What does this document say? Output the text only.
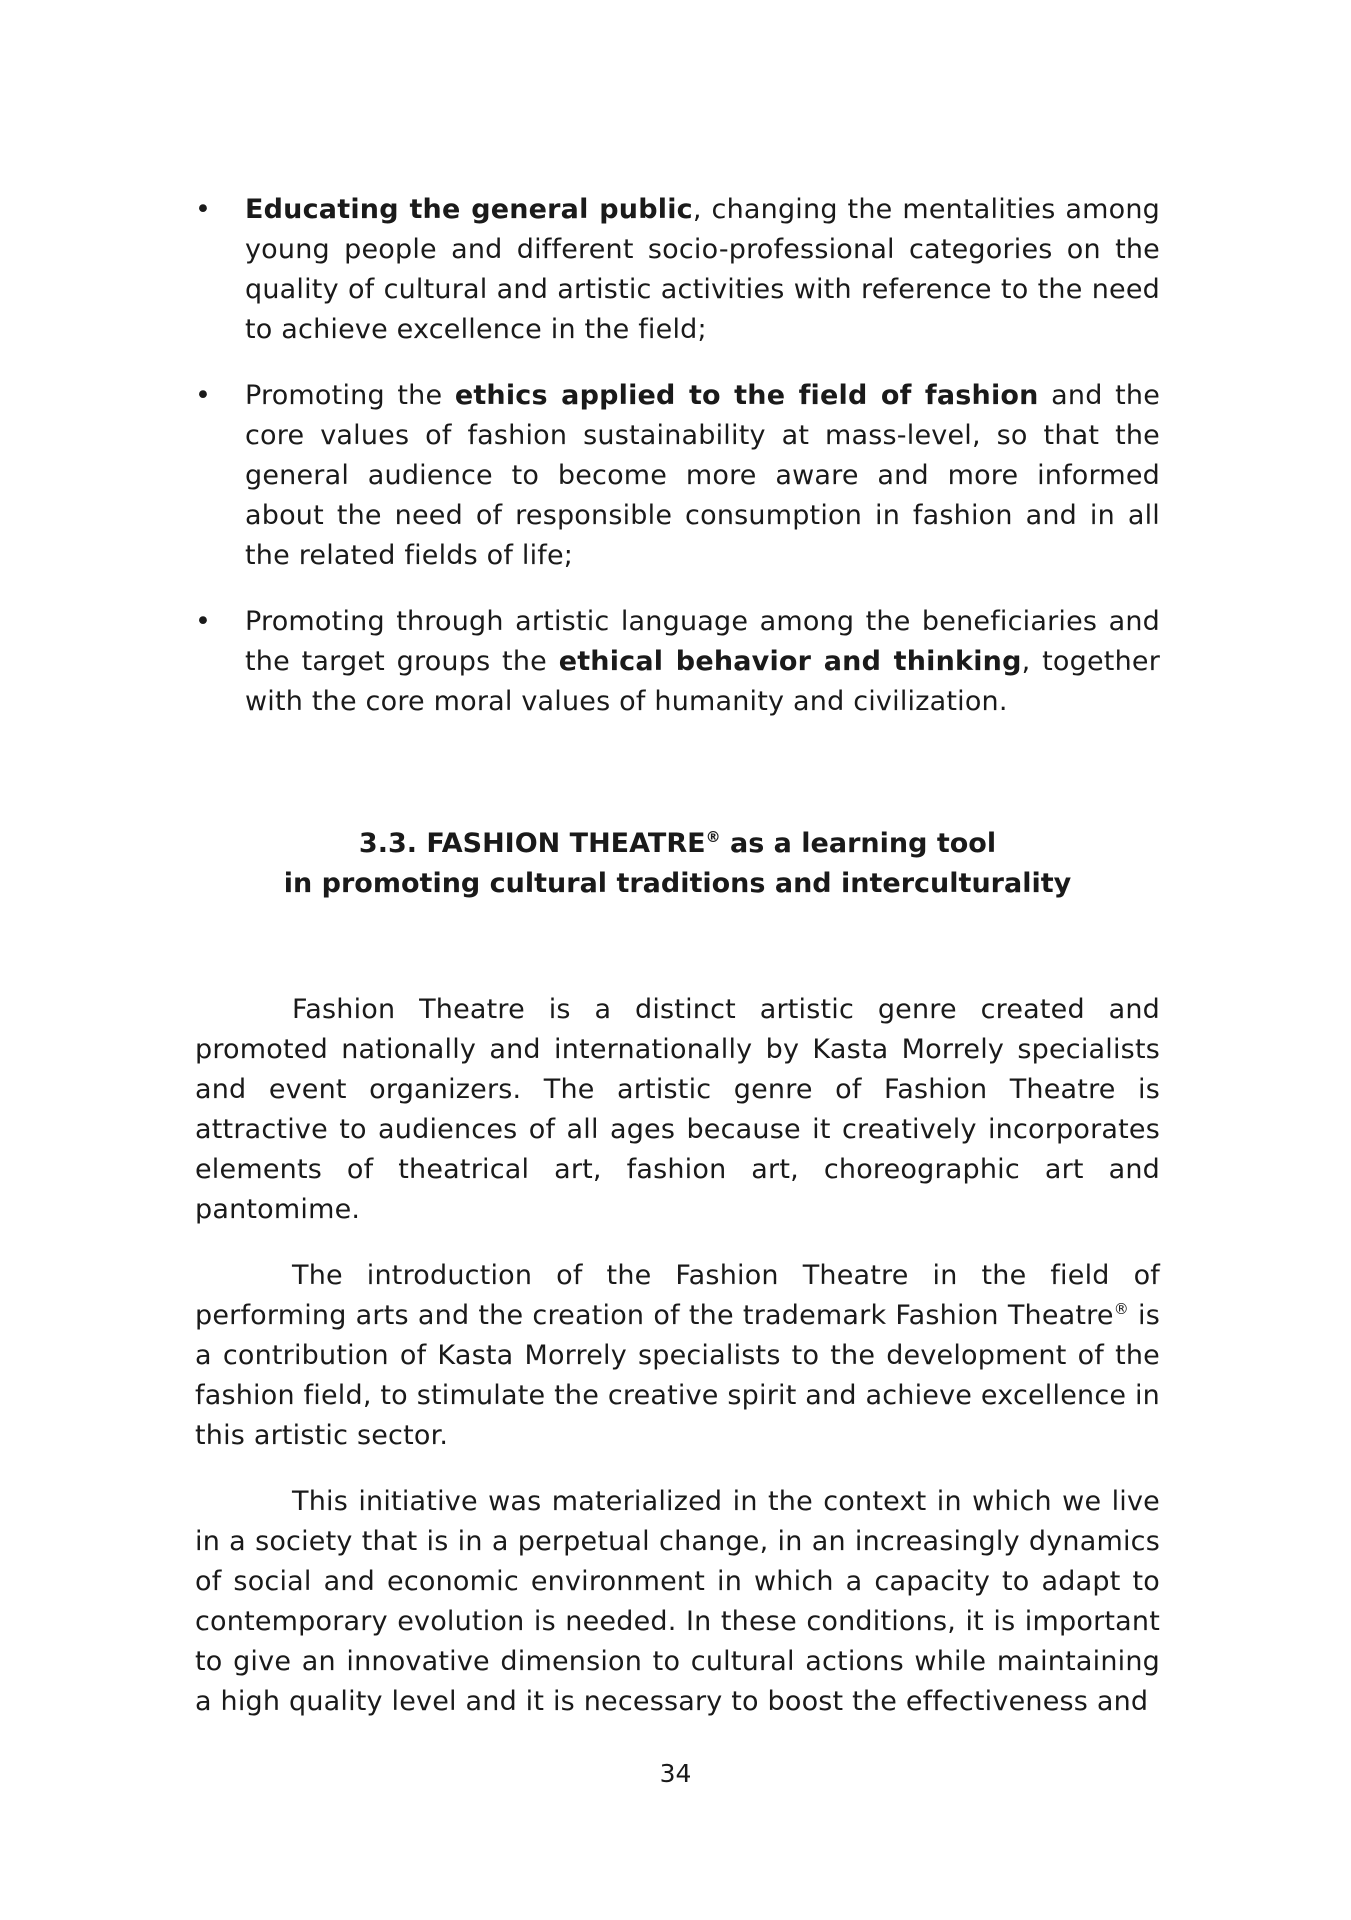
• Educating the general public, changing the mentalities among young people and different socio-professional categories on the quality of cultural and artistic activities with reference to the need to achieve excellence in the field;
• Promoting the ethics applied to the field of fashion and the core values of fashion sustainability at mass-level, so that the general audience to become more aware and more informed about the need of responsible consumption in fashion and in all the related fields of life;
• Promoting through artistic language among the beneficiaries and the target groups the ethical behavior and thinking, together with the core moral values of humanity and civilization.
3.3. FASHION THEATRE® as a learning tool
in promoting cultural traditions and interculturality

Fashion Theatre is a distinct artistic genre created and promoted nationally and internationally by Kasta Morrely specialists and event organizers. The artistic genre of Fashion Theatre is attractive to audiences of all ages because it creatively incorporates elements of theatrical art, fashion art, choreographic art and pantomime.

The introduction of the Fashion Theatre in the field of performing arts and the creation of the trademark Fashion Theatre® is a contribution of Kasta Morrely specialists to the development of the fashion field, to stimulate the creative spirit and achieve excellence in this artistic sector.

This initiative was materialized in the context in which we live in a society that is in a perpetual change, in an increasingly dynamics of social and economic environment in which a capacity to adapt to contemporary evolution is needed. In these conditions, it is important to give an innovative dimension to cultural actions while maintaining a high quality level and it is necessary to boost the effectiveness and

34
